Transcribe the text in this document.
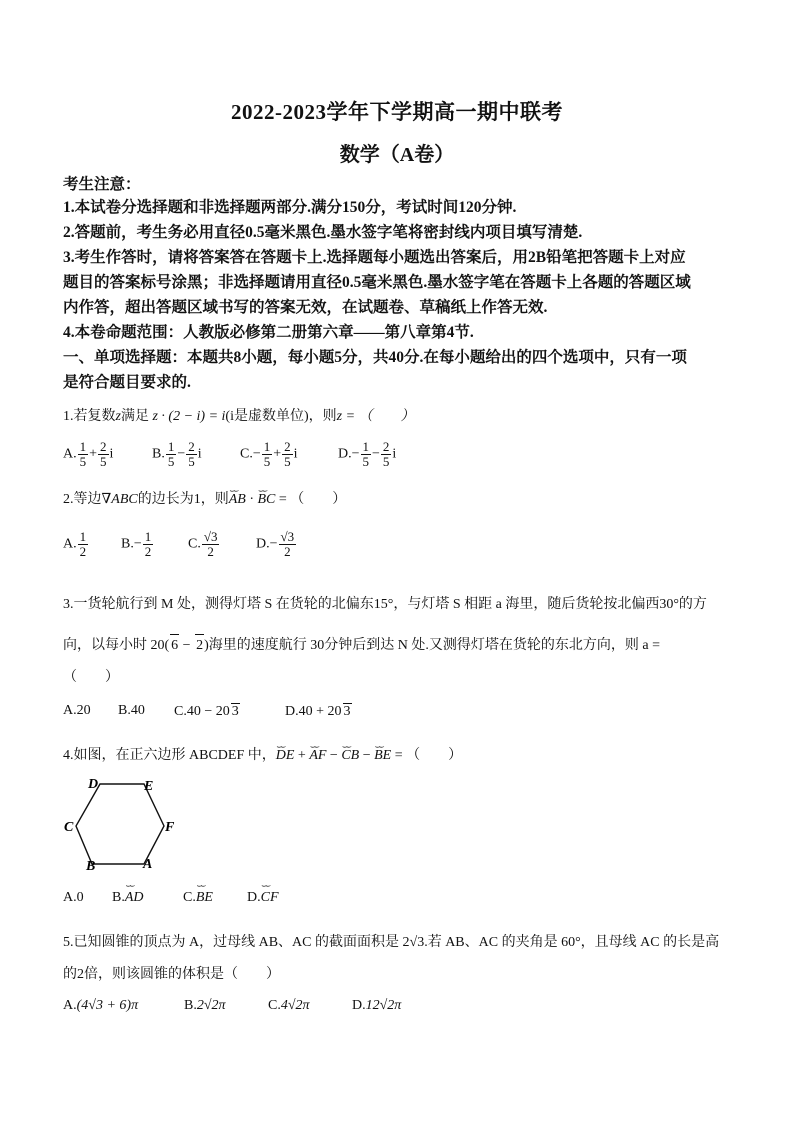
2022-2023学年下学期高一期中联考
数学（A卷）
考生注意：
1.本试卷分选择题和非选择题两部分.满分150分，考试时间120分钟.
2.答题前，考生务必用直径0.5毫米黑色.墨水签字笔将密封线内项目填写清楚.
3.考生作答时，请将答案答在答题卡上.选择题每小题选出答案后，用2B铅笔把答题卡上对应
题目的答案标号涂黑；非选择题请用直径0.5毫米黑色.墨水签字笔在答题卡上各题的答题区域
内作答，超出答题区域书写的答案无效，在试题卷、草稿纸上作答无效.
4.本卷命题范围：人教版必修第二册第六章——第八章第4节.
一、单项选择题：本题共8小题，每小题5分，共40分.在每小题给出的四个选项中，只有一项
是符合题目要求的.
1.若复数z满足 z · (2 − i) = i(i是虚数单位)，则z = （　　）
A. $\frac{1}{5} + \frac{2}{5}$ i	B. $\frac{1}{5} - \frac{2}{5}$ i	$C.- \frac{1}{5} + \frac{2}{5}$ i	$D.- \frac{1}{5} - \frac{2}{5}$ i
2.等边∇ABC的边长为1，则⌣⌣ AB · ⌣⌣ BC = （　　）
A. $\frac{1}{2} B.- \frac{1}{2} C$. $\frac{√3}{2}$	$D.- \frac{√3}{2}$
3.一货轮航行到 M 处，测得灯塔 S 在货轮的北偏东15°，与灯塔 S 相距 a 海里，随后货轮按北偏西30°的方
向，以每小时 20( 6 − 2)海里的速度航行 30分钟后到达 N 处.又测得灯塔在货轮的东北方向，则 a =
（　　）
A.20 B.40 C.40 − 20 3	D.40 + 20 3
4.如图，在正六边形 ABCDEF 中，⌣⌣ DE + ⌣⌣ AF − ⌣⌣ CB − ⌣⌣ BE = （　　）
D	E
C	F
B	A
A.0 B.⌣⌣ AD	C.⌣⌣ BE D.⌣⌣ CF
5.已知圆锥的顶点为 A，过母线 AB、AC 的截面面积是 2√3.若 AB、AC 的夹角是 60°，且母线 AC 的长是高
的2倍，则该圆锥的体积是（　　）
A.(4√3 + 6)π	B.2√2π	C.4√2π	D.12√2π
